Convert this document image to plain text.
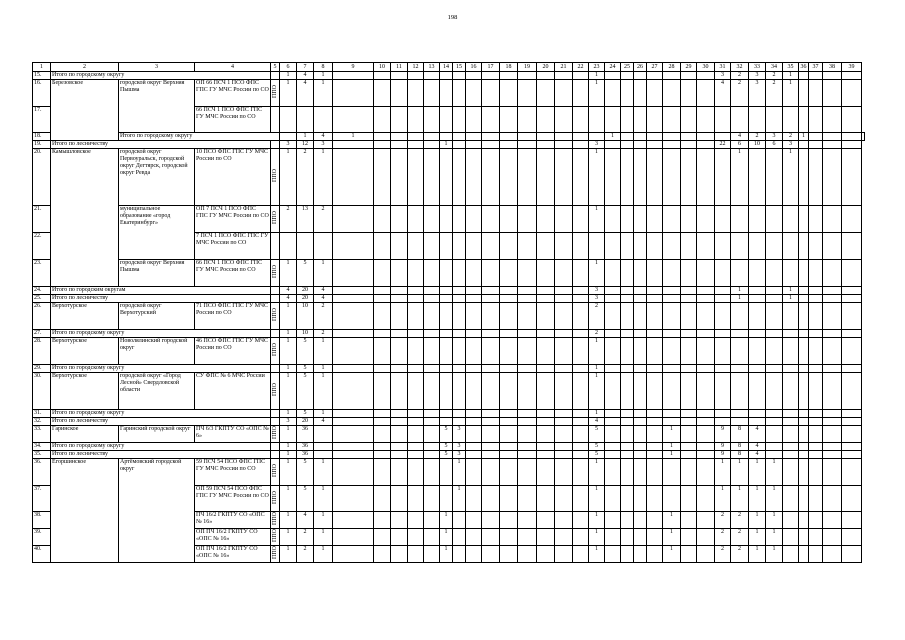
198
1	2	3	4	5	6	7	8	9	10	11	12	13	14	15	16	17	18	19	20	21	22	23	24	25	26	27	28	29	30	31	32	33	34	35	36	37	38	39	
15.	Итого по городскому округу				1	4	1															1								3	2	3	2	1					
16.	Березовское	городской округ Верхняя Пышма	ОП 66 ПСЧ 1 ПСО ФПС ГПС ГУ МЧС России по СО	ППО	1	4	1															1								4	2	3	2	1					
17.			66 ПСЧ 1 ПСО ФПС ГПС ГУ МЧС России по СО																																				
18.		Итого по городскому округу				1	4	1															1								4	2	3	2	1				
19.	Итого по лесничеству				3	12	3						1									3								22	6	10	6	3					
20.	Камышловское	городской округ Первоуральск, городской округ Дегтярск, городской округ Ревда	10 ПСО ФПС ГПС ГУ МЧС России по СО	ППО	1	2	1															1									1			1					
21.		муниципальное образование «город Екатеринбург»	ОП 7 ПСЧ 1 ПСО ФПС ГПС ГУ МЧС России по СО	ППО	2	13	2															1																	
22.			7 ПСЧ 1 ПСО ФПС ГПС ГУ МЧС России по СО																																				
23.		городской округ Верхняя Пышма	66 ПСЧ 1 ПСО ФПС ГПС ГУ МЧС России по СО	ППО	1	5	1															1																	
24.	Итого по городским округам				4	20	4															3									1			1					
25.	Итого по лесничеству				4	20	4															3									1			1					
26.	Верхотурское	городской округ Верхотурский	71 ПСО ФПС ГПС ГУ МЧС России по СО	ППО	1	10	2															2																	
27.	Итого по городскому округу				1	10	2															2																	
28.	Верхотурское	Новолялинский городской округ	46 ПСО ФПС ГПС ГУ МЧС России по СО	ППО	1	5	1															1																	
29.	Итого по городскому округу				1	5	1															1																	
30.	Верхотурское	городской округ «Город Лесной» Свердловской области	СУ ФПС № 6 МЧС России	ППО	1	5	1															1																	
31.	Итого по городскому округу				1	5	1															1																	
32.	Итого по лесничеству				3	20	4															4																	
33.	Гаринское	Гаринский городской округ	ПЧ 6/3 ГКПТУ СО «ОПС № 6»	ППО	1	36							5	3								5					1			9	8	4							
34.	Итого по городскому округу				1	36							5	3								5					1			9	8	4							
35.	Итого по лесничеству				1	36							5	3								5					1			9	8	4							
36.	Егоршинское	Артёмовский городской округ	59 ПСЧ 54 ПСО ФПС ГПС ГУ МЧС России по СО	ППО	1	5	1							1								1								1	1	1	1						
37.			ОП 59 ПСЧ 54 ПСО ФПС ГПС ГУ МЧС России по СО	ППО	1	5	1							1								1								1	1	1	1						
38.			ПЧ 16/2 ГКПТУ СО «ОПС № 16»	ППО	1	4	1						1									1					1			2	2	1	1						
39.			ОП ПЧ 16/2 ГКПТУ СО «ОПС № 16»	ППО	1	2	1						1									1					1			2	2	1	1						
40.			ОП ПЧ 16/2 ГКПТУ СО «ОПС № 16»	ППО	1	2	1						1									1					1			2	2	1	1						
